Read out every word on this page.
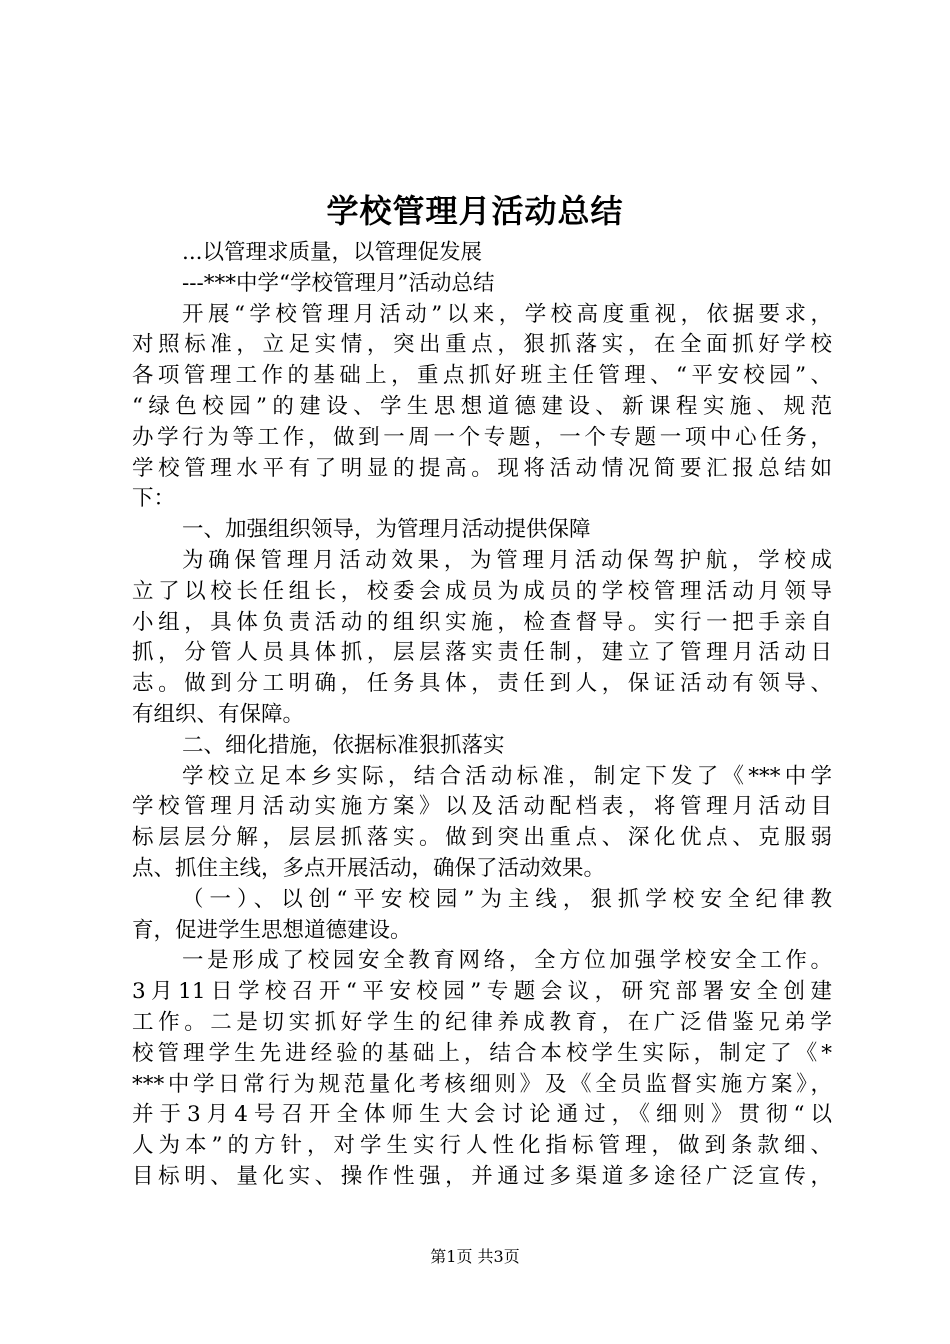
学校管理月活动总结
...以管理求质量，以管理促发展
---***中学“学校管理月”活动总结
开展“学校管理月活动”以来，学校高度重视，依据要求，
对照标准，立足实情，突出重点，狠抓落实，在全面抓好学校
各项管理工作的基础上，重点抓好班主任管理、“平安校园”、
“绿色校园”的建设、学生思想道德建设、新课程实施、规范
办学行为等工作，做到一周一个专题，一个专题一项中心任务，
学校管理水平有了明显的提高。现将活动情况简要汇报总结如
下：
一、加强组织领导，为管理月活动提供保障
为确保管理月活动效果，为管理月活动保驾护航，学校成
立了以校长任组长，校委会成员为成员的学校管理活动月领导
小组，具体负责活动的组织实施，检查督导。实行一把手亲自
抓，分管人员具体抓，层层落实责任制，建立了管理月活动日
志。做到分工明确，任务具体，责任到人，保证活动有领导、
有组织、有保障。
二、细化措施，依据标准狠抓落实
学校立足本乡实际，结合活动标准，制定下发了《***中学
学校管理月活动实施方案》以及活动配档表，将管理月活动目
标层层分解，层层抓落实。做到突出重点、深化优点、克服弱
点、抓住主线，多点开展活动，确保了活动效果。
（一）、以创“平安校园”为主线，狠抓学校安全纪律教
育，促进学生思想道德建设。
一是形成了校园安全教育网络，全方位加强学校安全工作。
3月11日学校召开“平安校园”专题会议，研究部署安全创建
工作。二是切实抓好学生的纪律养成教育，在广泛借鉴兄弟学
校管理学生先进经验的基础上，结合本校学生实际，制定了《*
***中学日常行为规范量化考核细则》及《全员监督实施方案》，
并于3月4号召开全体师生大会讨论通过，《细则》贯彻“以
人为本”的方针，对学生实行人性化指标管理，做到条款细、
目标明、量化实、操作性强，并通过多渠道多途径广泛宣传，
第1页 共3页
